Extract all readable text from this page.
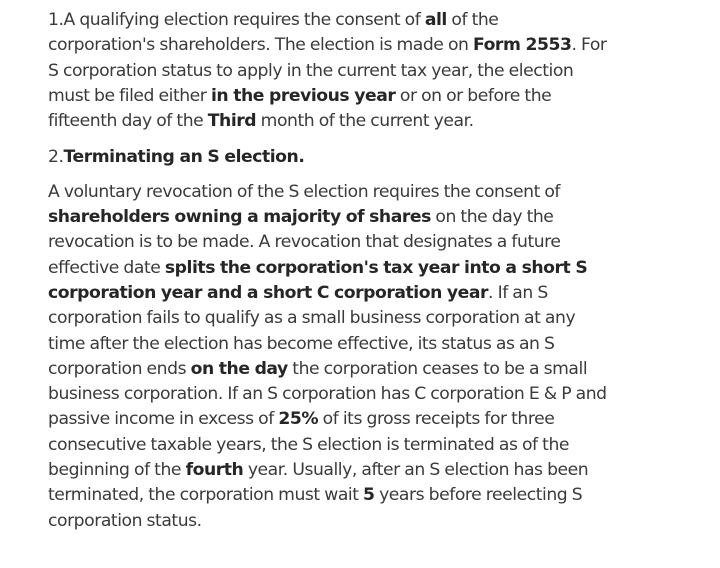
1.A qualifying election requires the consent of all of the corporation's shareholders. The election is made on Form 2553. For S corporation status to apply in the current tax year, the election must be filed either in the previous year or on or before the fifteenth day of the Third month of the current year.

2.Terminating an S election.

A voluntary revocation of the S election requires the consent of shareholders owning a majority of shares on the day the revocation is to be made. A revocation that designates a future effective date splits the corporation's tax year into a short S corporation year and a short C corporation year. If an S corporation fails to qualify as a small business corporation at any time after the election has become effective, its status as an S corporation ends on the day the corporation ceases to be a small business corporation. If an S corporation has C corporation E & P and passive income in excess of 25% of its gross receipts for three consecutive taxable years, the S election is terminated as of the beginning of the fourth year. Usually, after an S election has been terminated, the corporation must wait 5 years before reelecting S corporation status.
